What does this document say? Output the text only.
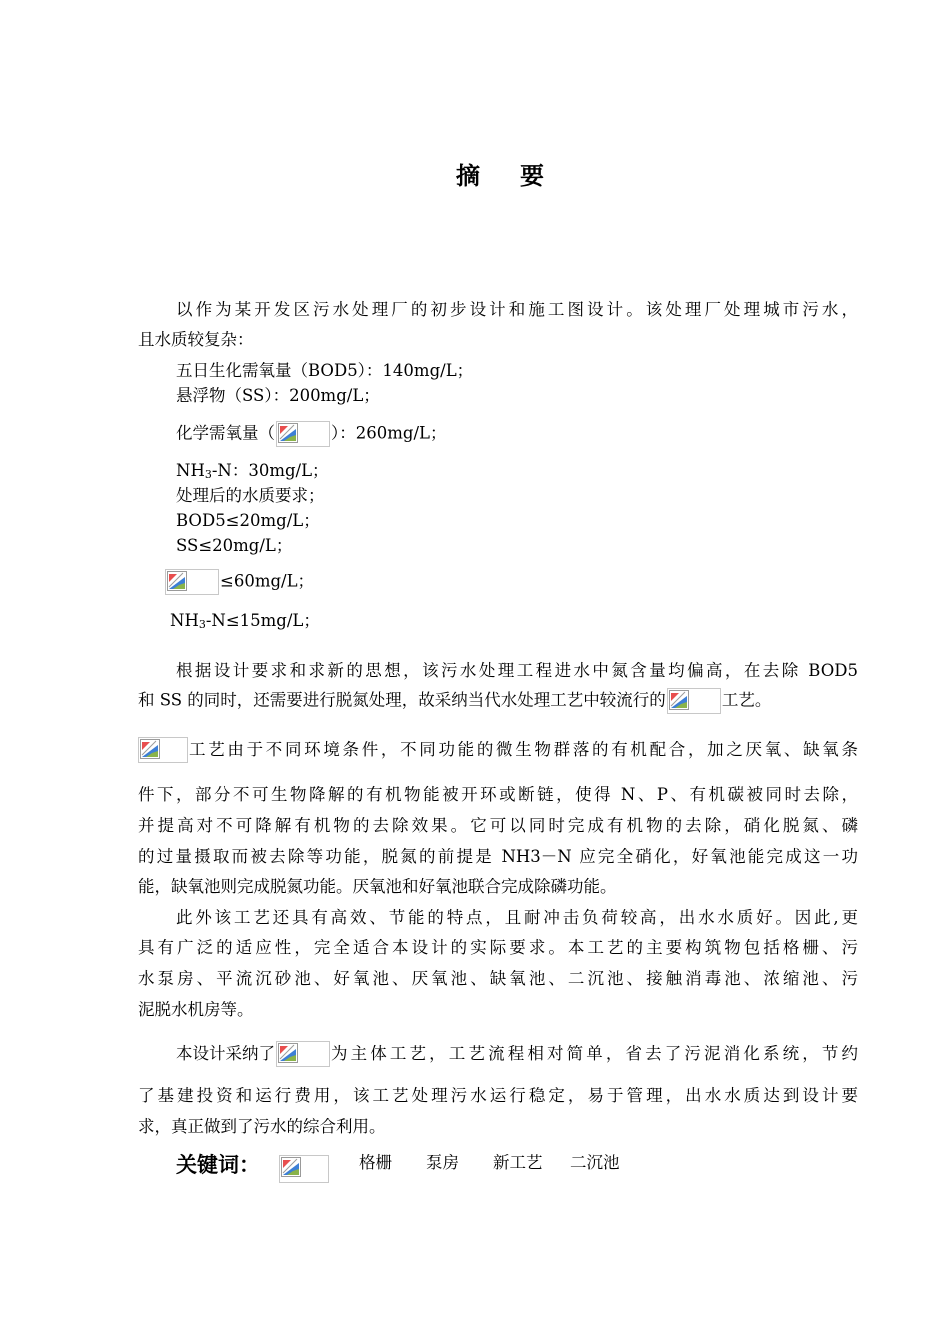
摘 要
以作为某开发区污水处理厂的初步设计和施工图设计。该处理厂处理城市污水，
且水质较复杂：
五日生化需氧量（BOD5）：140mg/L；
悬浮物（SS）：200mg/L；
化学需氧量（	）：260mg/L；
$NH_3-N$：30mg/L；
处理后的水质要求；
BOD5≤20mg/L；
SS≤20mg/L；
≤60mg/L；
$NH_3-N\le 15mg/L$；
根据设计要求和求新的思想，该污水处理工程进水中氮含量均偏高，在去除 BOD5
和 SS 的同时，还需要进行脱氮处理，故采纳当代水处理工艺中较流行的	工艺。
工艺由于不同环境条件，不同功能的微生物群落的有机配合，加之厌氧、缺氧条
件下，部分不可生物降解的有机物能被开环或断链，使得 N、P、有机碳被同时去除，
并提高对不可降解有机物的去除效果。它可以同时完成有机物的去除，硝化脱氮、磷
的过量摄取而被去除等功能，脱氮的前提是 NH3－N 应完全硝化，好氧池能完成这一功
能，缺氧池则完成脱氮功能。厌氧池和好氧池联合完成除磷功能。
此外该工艺还具有高效、节能的特点，且耐冲击负荷较高，出水水质好。因此,更
具有广泛的适应性，完全适合本设计的实际要求。本工艺的主要构筑物包括格栅、污
水泵房、平流沉砂池、好氧池、厌氧池、缺氧池、二沉池、接触消毒池、浓缩池、污
泥脱水机房等。
本设计采纳了	为主体工艺，工艺流程相对简单，省去了污泥消化系统，节约
了基建投资和运行费用，该工艺处理污水运行稳定，易于管理，出水水质达到设计要
求，真正做到了污水的综合利用。
关键词：	格栅 泵房 新工艺 二沉池
